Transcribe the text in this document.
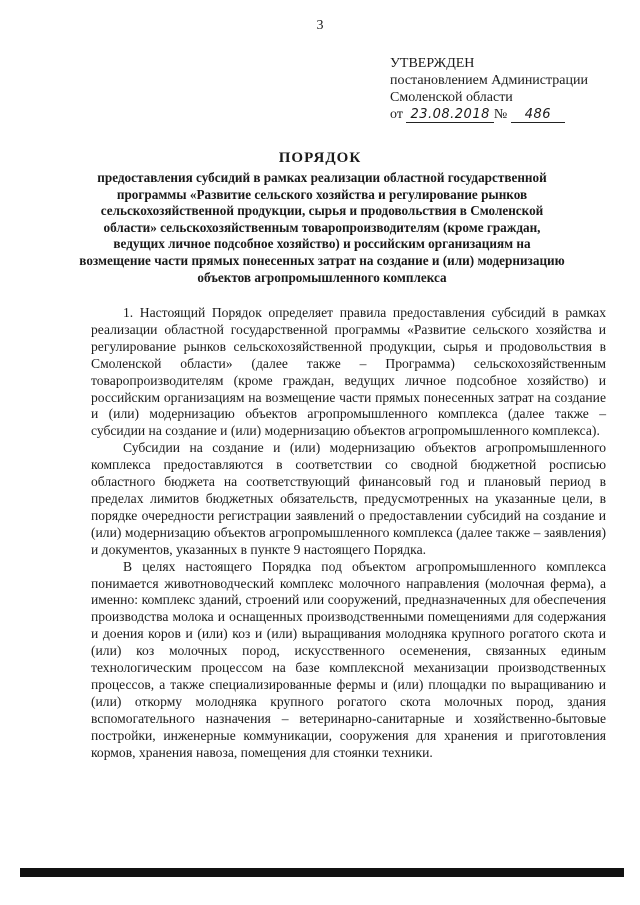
3
УТВЕРЖДЕН
постановлением Администрации
Смоленской области
от 23.08.2018 № 486
ПОРЯДОК
предоставления субсидий в рамках реализации областной государственной программы «Развитие сельского хозяйства и регулирование рынков сельскохозяйственной продукции, сырья и продовольствия в Смоленской области» сельскохозяйственным товаропроизводителям (кроме граждан, ведущих личное подсобное хозяйство) и российским организациям на возмещение части прямых понесенных затрат на создание и (или) модернизацию объектов агропромышленного комплекса

1. Настоящий Порядок определяет правила предоставления субсидий в рамках реализации областной государственной программы «Развитие сельского хозяйства и регулирование рынков сельскохозяйственной продукции, сырья и продовольствия в Смоленской области» (далее также – Программа) сельскохозяйственным товаропроизводителям (кроме граждан, ведущих личное подсобное хозяйство) и российским организациям на возмещение части прямых понесенных затрат на создание и (или) модернизацию объектов агропромышленного комплекса (далее также – субсидии на создание и (или) модернизацию объектов агропромышленного комплекса).

Субсидии на создание и (или) модернизацию объектов агропромышленного комплекса предоставляются в соответствии со сводной бюджетной росписью областного бюджета на соответствующий финансовый год и плановый период в пределах лимитов бюджетных обязательств, предусмотренных на указанные цели, в порядке очередности регистрации заявлений о предоставлении субсидий на создание и (или) модернизацию объектов агропромышленного комплекса (далее также – заявления) и документов, указанных в пункте 9 настоящего Порядка.

В целях настоящего Порядка под объектом агропромышленного комплекса понимается животноводческий комплекс молочного направления (молочная ферма), а именно: комплекс зданий, строений или сооружений, предназначенных для обеспечения производства молока и оснащенных производственными помещениями для содержания и доения коров и (или) коз и (или) выращивания молодняка крупного рогатого скота и (или) коз молочных пород, искусственного осеменения, связанных единым технологическим процессом на базе комплексной механизации производственных процессов, а также специализированные фермы и (или) площадки по выращиванию и (или) откорму молодняка крупного рогатого скота молочных пород, здания вспомогательного назначения – ветеринарно-санитарные и хозяйственно-бытовые постройки, инженерные коммуникации, сооружения для хранения и приготовления кормов, хранения навоза, помещения для стоянки техники.
